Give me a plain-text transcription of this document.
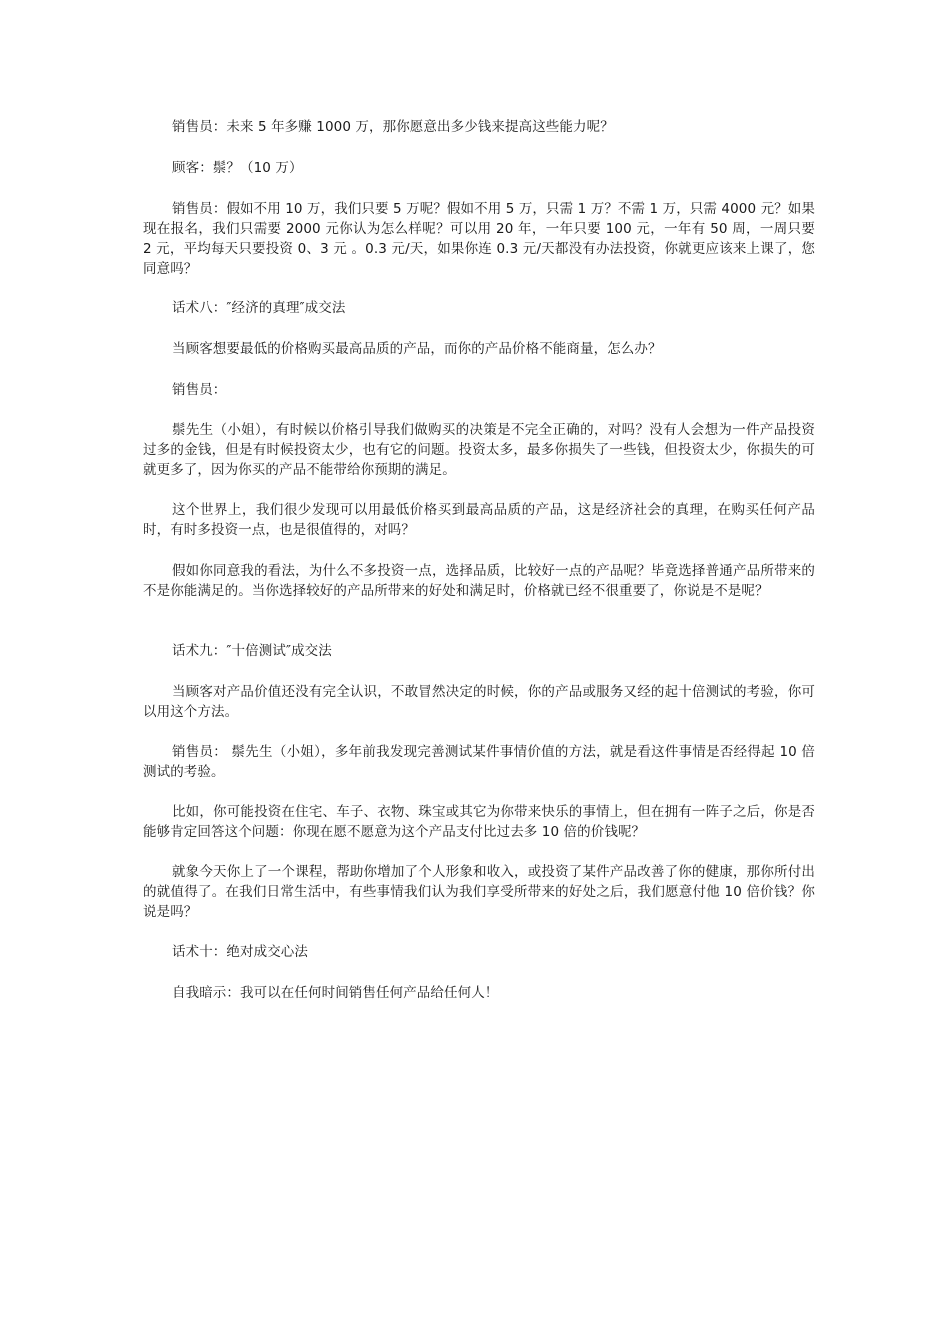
销售员：未来 5 年多赚 1000 万，那你愿意出多少钱来提高这些能力呢？

顾客：鬃？（10 万）

销售员：假如不用 10 万，我们只要 5 万呢？假如不用 5 万，只需 1 万？不需 1 万，只需 4000 元？如果现在报名，我们只需要 2000 元你认为怎么样呢？可以用 20 年，一年只要 100 元，一年有 50 周，一周只要 2 元，平均每天只要投资 0、3 元 。0.3 元/天，如果你连 0.3 元/天都没有办法投资，你就更应该来上课了，您同意吗？

话术八：″经济的真理″成交法

当顾客想要最低的价格购买最高品质的产品，而你的产品价格不能商量，怎么办？

销售员：

鬃先生（小姐），有时候以价格引导我们做购买的决策是不完全正确的，对吗？没有人会想为一件产品投资过多的金钱，但是有时候投资太少，也有它的问题。投资太多，最多你损失了一些钱，但投资太少，你损失的可就更多了，因为你买的产品不能带给你预期的满足。

这个世界上，我们很少发现可以用最低价格买到最高品质的产品，这是经济社会的真理，在购买任何产品时，有时多投资一点，也是很值得的，对吗？

假如你同意我的看法，为什么不多投资一点，选择品质，比较好一点的产品呢？毕竟选择普通产品所带来的不是你能满足的。当你选择较好的产品所带来的好处和满足时，价格就已经不很重要了，你说是不是呢？

话术九：″十倍测试″成交法

当顾客对产品价值还没有完全认识，不敢冒然决定的时候，你的产品或服务又经的起十倍测试的考验，你可以用这个方法。

销售员： 鬃先生（小姐），多年前我发现完善测试某件事情价值的方法，就是看这件事情是否经得起 10 倍测试的考验。

比如，你可能投资在住宅、车子、衣物、珠宝或其它为你带来快乐的事情上，但在拥有一阵子之后，你是否能够肯定回答这个问题：你现在愿不愿意为这个产品支付比过去多 10 倍的价钱呢？

就象今天你上了一个课程，帮助你增加了个人形象和收入，或投资了某件产品改善了你的健康，那你所付出的就值得了。在我们日常生活中，有些事情我们认为我们享受所带来的好处之后，我们愿意付他 10 倍价钱？你说是吗？

话术十：绝对成交心法

自我暗示：我可以在任何时间销售任何产品给任何人！
